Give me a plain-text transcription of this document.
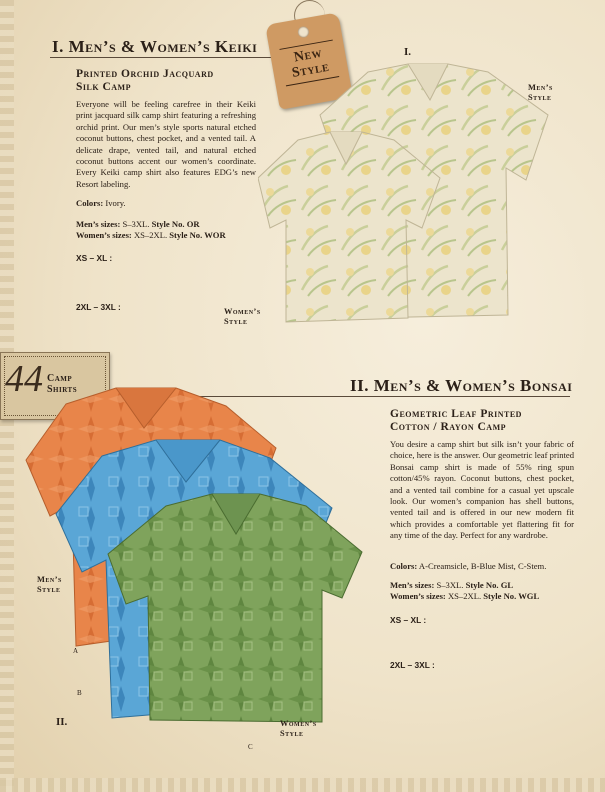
I. Men’s & Women’s Keiki
Printed Orchid Jacquard
Silk Camp
Everyone will be feeling carefree in their Keiki print jacquard silk camp shirt featuring a refreshing orchid print. Our men’s style sports natural etched coconut buttons, chest pocket, and a vented tail. A delicate drape, vented tail, and natural etched coconut buttons accent our women’s coordinate. Every Keiki camp shirt also features EDG’s new Resort labeling.
Colors: Ivory.
Men’s sizes: S–3XL. Style No. OR
Women’s sizes: XS–2XL. Style No. WOR
XS – XL :
2XL – 3XL :
New
Style
I.
Men’s
Style
Women’s
Style
44 Camp
Shirts	II. Men’s & Women’s Bonsai
Geometric Leaf Printed
Cotton / Rayon Camp
You desire a camp shirt but silk isn’t your fabric of choice, here is the answer. Our geometric leaf printed Bonsai camp shirt is made of 55% ring spun cotton/45% rayon. Coconut buttons, chest pocket, and a vented tail combine for a casual yet upscale look. Our women’s companion has shell buttons, vented tail and is offered in our new modern fit which provides a comfortable yet flattering fit for any time of the day. Perfect for any wardrobe.
Colors: A-Creamsicle, B-Blue Mist, C-Stem.
Men’s sizes: S–3XL. Style No. GL
Women’s sizes: XS–2XL. Style No. WGL
XS – XL :
2XL – 3XL :
A
B
C
Men’s
Style
Women’s
Style
II.
